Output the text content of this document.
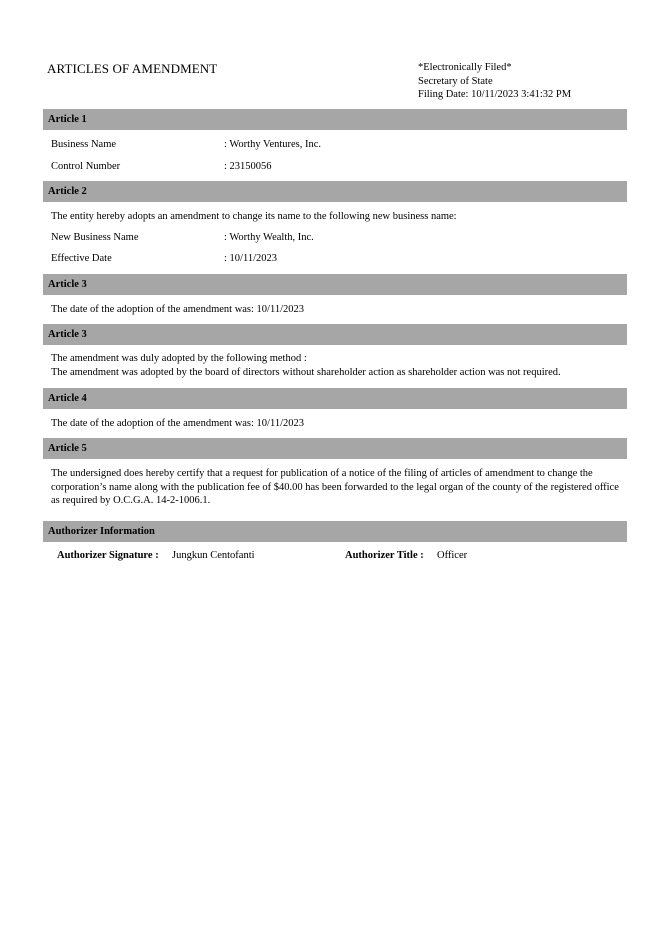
ARTICLES OF AMENDMENT	*Electronically Filed*
Secretary of State
Filing Date: 10/11/2023 3:41:32 PM
Article 1
Business Name	: Worthy Ventures, Inc.
Control Number	: 23150056
Article 2
The entity hereby adopts an amendment to change its name to the following new business name:
New Business Name	: Worthy Wealth, Inc.
Effective Date	: 10/11/2023
Article 3
The date of the adoption of the amendment was: 10/11/2023
Article 3
The amendment was duly adopted by the following method :
The amendment was adopted by the board of directors without shareholder action as shareholder action was not required.
Article 4
The date of the adoption of the amendment was: 10/11/2023
Article 5
The undersigned does hereby certify that a request for publication of a notice of the filing of articles of amendment to change the corporation’s name along with the publication fee of $40.00 has been forwarded to the legal organ of the county of the registered office as required by O.C.G.A. 14-2-1006.1.
Authorizer Information
Authorizer Signature : Jungkun Centofanti	Authorizer Title : Officer
